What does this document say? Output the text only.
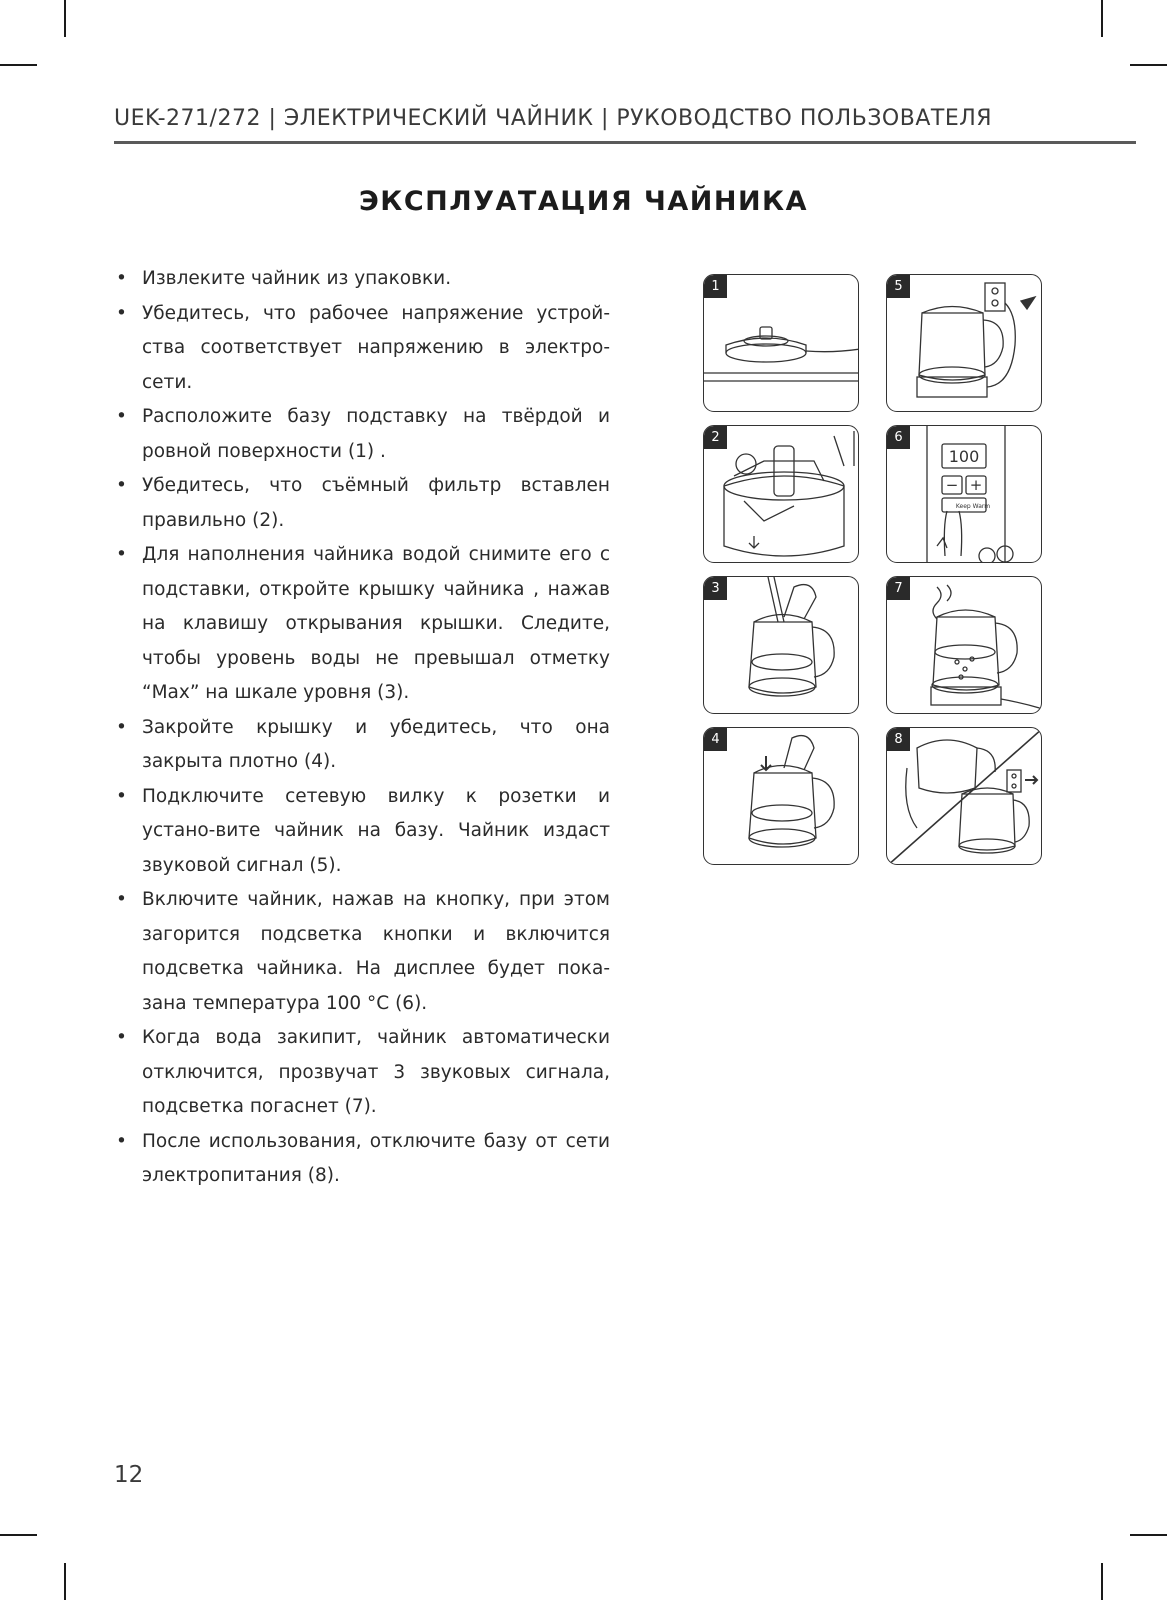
UEK-271/272 | ЭЛЕКТРИЧЕСКИЙ ЧАЙНИК | РУКОВОДСТВО ПОЛЬЗОВАТЕЛЯ
ЭКСПЛУАТАЦИЯ ЧАЙНИКА
• Извлеките чайник из упаковки.
• Убедитесь, что рабочее напряжение устрой-ства соответствует напряжению в электро-сети.
• Расположите базу подставку на твёрдой и ровной поверхности (1) .
• Убедитесь, что съёмный фильтр вставлен правильно (2).
• Для наполнения чайника водой снимите его с подставки, откройте крышку чайника , нажав на клавишу открывания крышки. Следите, чтобы уровень воды не превышал отметку “Max” на шкале уровня (3).
• Закройте крышку и убедитесь, что она закрыта плотно (4).
• Подключите сетевую вилку к розетки и устано-вите чайник на базу. Чайник издаст звуковой сигнал (5).
• Включите чайник, нажав на кнопку, при этом загорится подсветка кнопки и включится подсветка чайника. На дисплее будет пока-зана температура 100 °C (6).
• Когда вода закипит, чайник автоматически отключится, прозвучат 3 звуковых сигнала, подсветка погаснет (7).
• После использования, отключите базу от сети электропитания (8).
1
2
3
4
5
6
100
− +
Keep Warm
7
8
12
